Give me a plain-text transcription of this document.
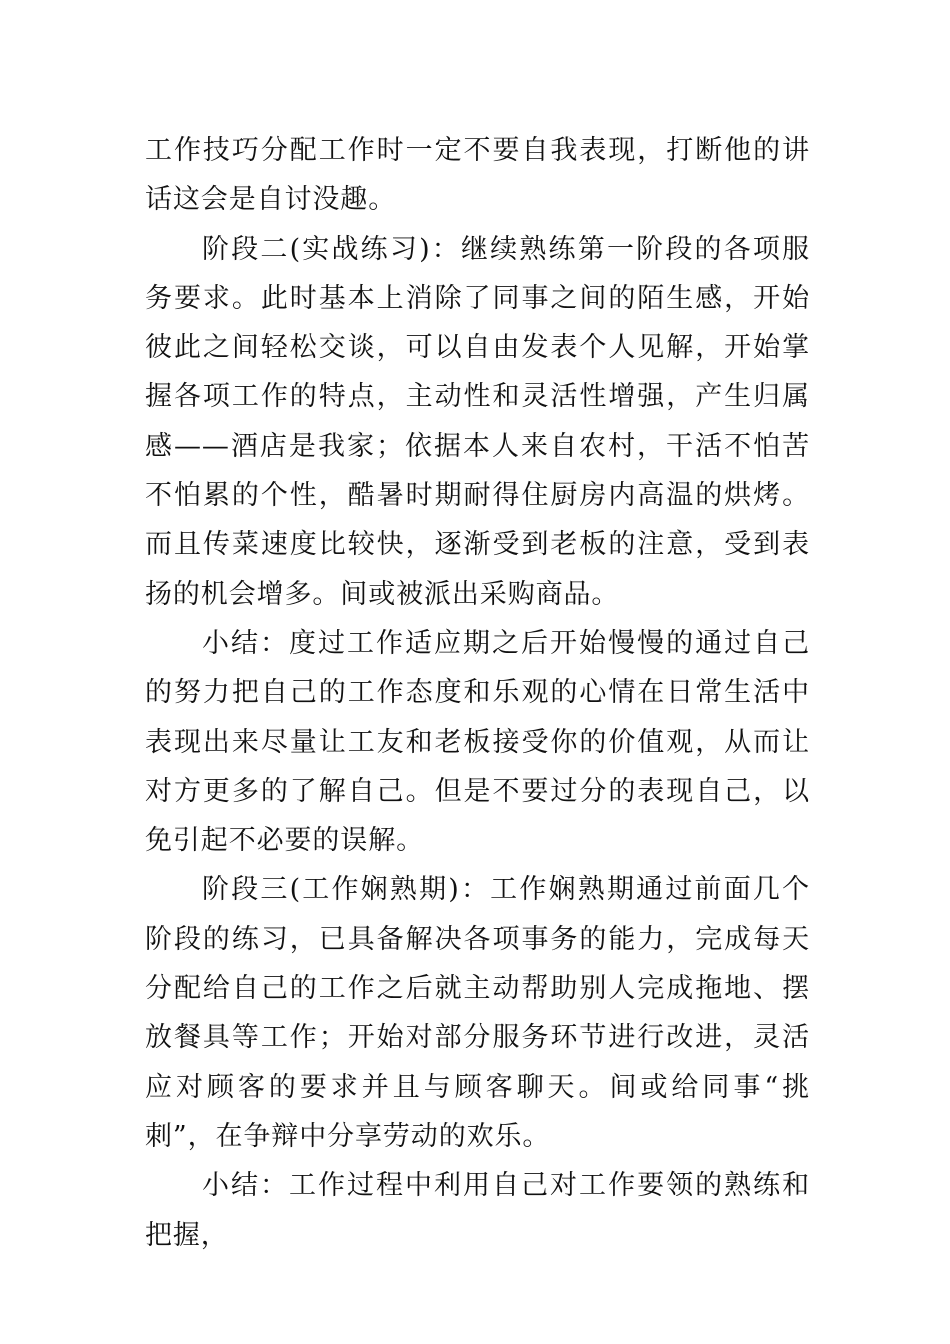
工作技巧分配工作时一定不要自我表现，打断他的讲话这会是自讨没趣。

阶段二(实战练习)：继续熟练第一阶段的各项服务要求。此时基本上消除了同事之间的陌生感，开始彼此之间轻松交谈，可以自由发表个人见解，开始掌握各项工作的特点，主动性和灵活性增强，产生归属感——酒店是我家；依据本人来自农村，干活不怕苦不怕累的个性，酷暑时期耐得住厨房内高温的烘烤。而且传菜速度比较快，逐渐受到老板的注意，受到表扬的机会增多。间或被派出采购商品。

小结：度过工作适应期之后开始慢慢的通过自己的努力把自己的工作态度和乐观的心情在日常生活中表现出来尽量让工友和老板接受你的价值观，从而让对方更多的了解自己。但是不要过分的表现自己，以免引起不必要的误解。

阶段三(工作娴熟期)：工作娴熟期通过前面几个阶段的练习，已具备解决各项事务的能力，完成每天分配给自己的工作之后就主动帮助别人完成拖地、摆放餐具等工作；开始对部分服务环节进行改进，灵活应对顾客的要求并且与顾客聊天。间或给同事“挑刺”，在争辩中分享劳动的欢乐。

小结：工作过程中利用自己对工作要领的熟练和把握，
